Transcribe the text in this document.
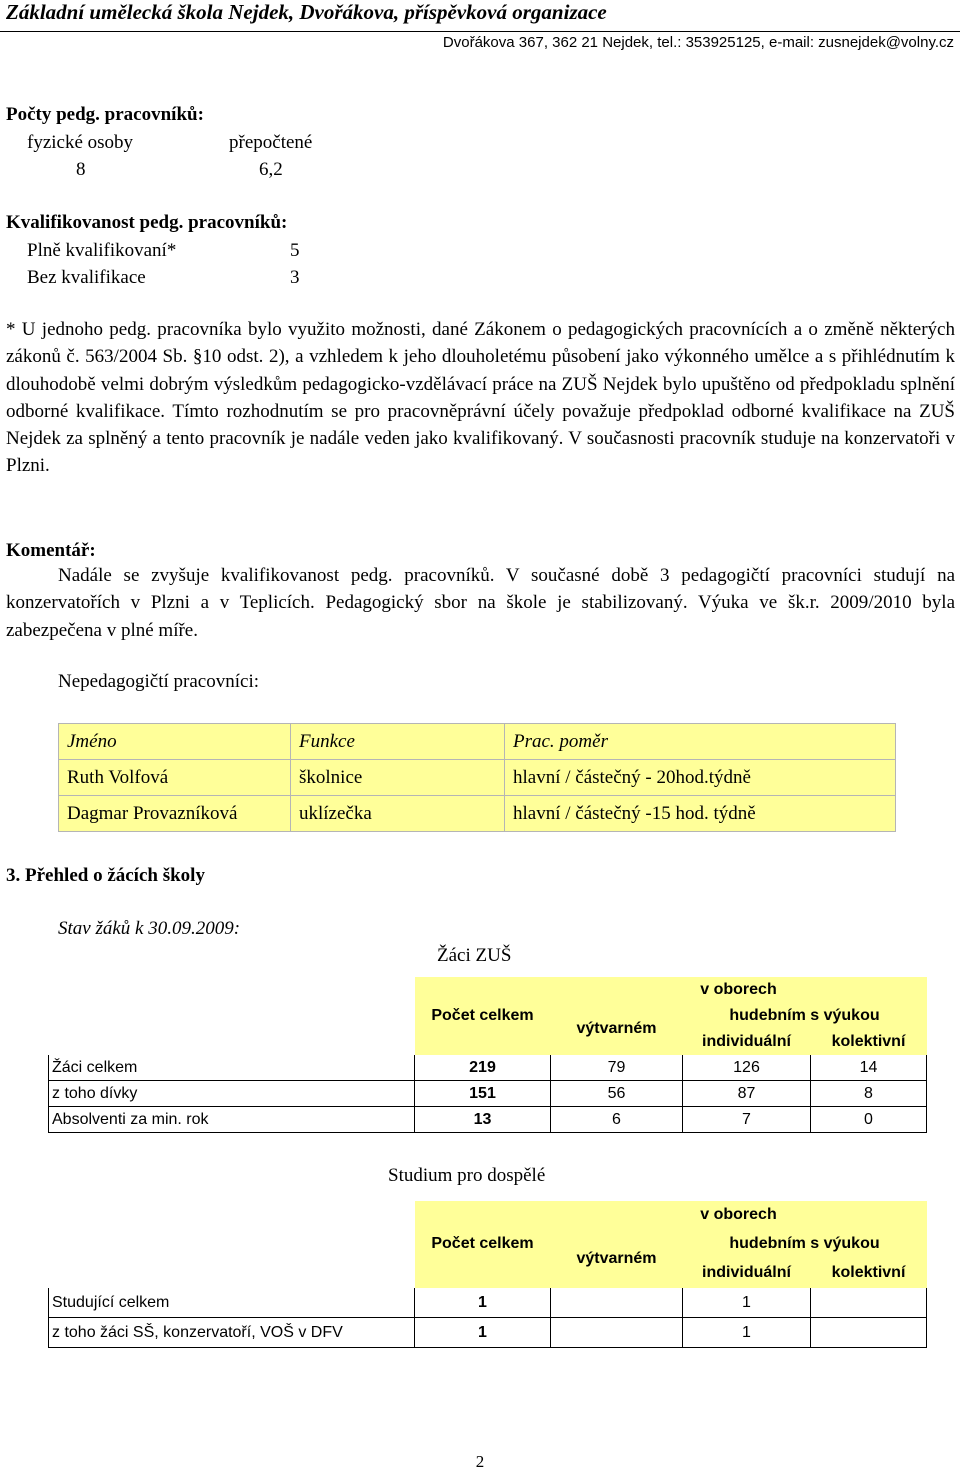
Základní umělecká škola Nejdek, Dvořákova, příspěvková organizace
Dvořákova 367, 362 21 Nejdek, tel.: 353925125, e-mail: zusnejdek@volny.cz
Počty pedg. pracovníků:
fyzické osoby	přepočtené
8	6,2
Kvalifikovanost pedg. pracovníků:
Plně kvalifikovaní*	5
Bez kvalifikace	3
* U jednoho pedg. pracovníka bylo využito možnosti, dané Zákonem o pedagogických pracovnících a o změně některých zákonů č. 563/2004 Sb. §10 odst. 2), a vzhledem k jeho dlouholetému působení jako výkonného umělce a s přihlédnutím k dlouhodobě velmi dobrým výsledkům pedagogicko-vzdělávací práce na ZUŠ Nejdek bylo upuštěno od předpokladu splnění odborné kvalifikace. Tímto rozhodnutím se pro pracovněprávní účely považuje předpoklad odborné kvalifikace na ZUŠ Nejdek za splněný a tento pracovník je nadále veden jako kvalifikovaný. V současnosti pracovník studuje na konzervatoři v Plzni.
Komentář:
Nadále se zvyšuje kvalifikovanost pedg. pracovníků. V současné době 3 pedagogičtí pracovníci studují na konzervatořích v Plzni a v Teplicích. Pedagogický sbor na škole je stabilizovaný. Výuka ve šk.r. 2009/2010 byla zabezpečena v plné míře.
Nepedagogičtí pracovníci:
Jméno	Funkce	Prac. poměr
Ruth Volfová	školnice	hlavní / částečný - 20hod.týdně
Dagmar Provazníková	uklízečka	hlavní / částečný -15 hod. týdně
3. Přehled o žácích školy
Stav žáků k 30.09.2009:
Žáci ZUŠ
	Počet celkem	v oborech		
		výtvarném	hudebním s výukou	
			individuální	kolektivní
Žáci celkem	219	79	126	14
z toho dívky	151	56	87	8
Absolventi za min. rok	13	6	7	0
Studium pro dospělé
	Počet celkem	v oborech		
		výtvarném	hudebním s výukou	
			individuální	kolektivní
Studující celkem	1		1	
z toho žáci SŠ, konzervatoří, VOŠ v DFV	1		1	
2
